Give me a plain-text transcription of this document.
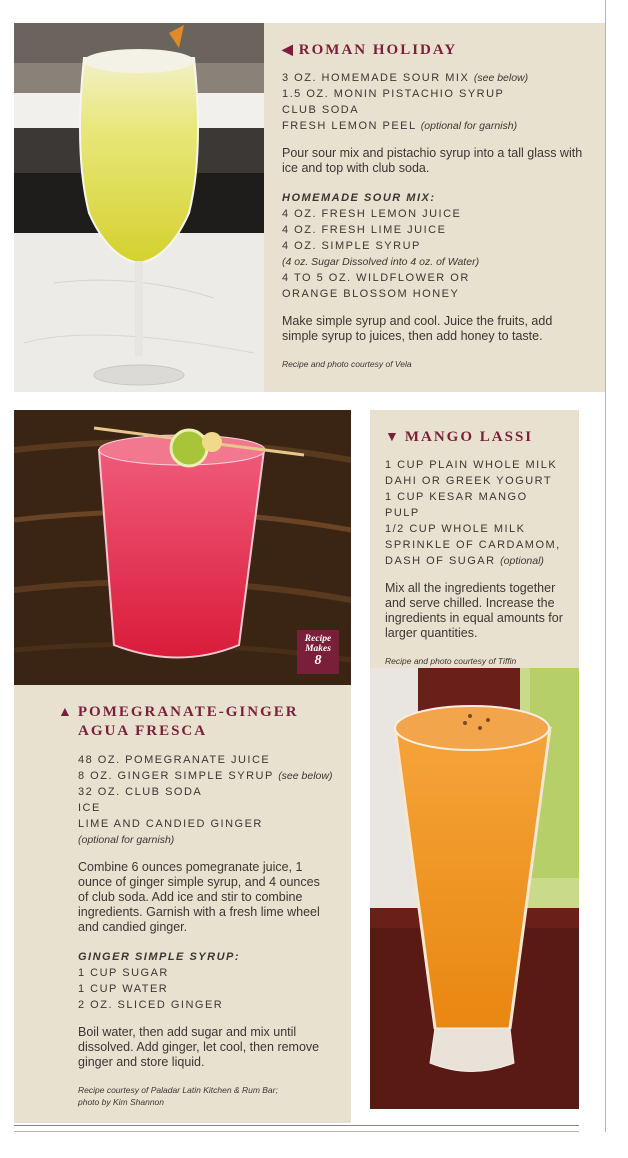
◀ ROMAN HOLIDAY
3 OZ. HOMEMADE SOUR MIX (see below)
1.5 OZ. MONIN PISTACHIO SYRUP
CLUB SODA
FRESH LEMON PEEL (optional for garnish)
Pour sour mix and pistachio syrup into a tall glass with ice and top with club soda.
HOMEMADE SOUR MIX:
4 OZ. FRESH LEMON JUICE
4 OZ. FRESH LIME JUICE
4 OZ. SIMPLE SYRUP
(4 oz. Sugar Dissolved into 4 oz. of Water)
4 TO 5 OZ. WILDFLOWER OR
ORANGE BLOSSOM HONEY
Make simple syrup and cool. Juice the fruits, add simple syrup to juices, then add honey to taste.
Recipe and photo courtesy of Vela
Recipe
Makes
8
▲ POMEGRANATE-GINGER
AGUA FRESCA
48 OZ. POMEGRANATE JUICE
8 OZ. GINGER SIMPLE SYRUP (see below)
32 OZ. CLUB SODA
ICE
LIME AND CANDIED GINGER
(optional for garnish)
Combine 6 ounces pomegranate juice, 1 ounce of ginger simple syrup, and 4 ounces of club soda. Add ice and stir to combine ingredients. Garnish with a fresh lime wheel and candied ginger.
GINGER SIMPLE SYRUP:
1 CUP SUGAR
1 CUP WATER
2 OZ. SLICED GINGER
Boil water, then add sugar and mix until dissolved. Add ginger, let cool, then remove ginger and store liquid.
Recipe courtesy of Paladar Latin Kitchen & Rum Bar;
photo by Kim Shannon
▼ MANGO LASSI
1 CUP PLAIN WHOLE MILK
DAHI OR GREEK YOGURT
1 CUP KESAR MANGO PULP
1/2 CUP WHOLE MILK
SPRINKLE OF CARDAMOM,
DASH OF SUGAR (optional)
Mix all the ingredients together and serve chilled. Increase the ingredients in equal amounts for larger quantities.
Recipe and photo courtesy of Tiffin
